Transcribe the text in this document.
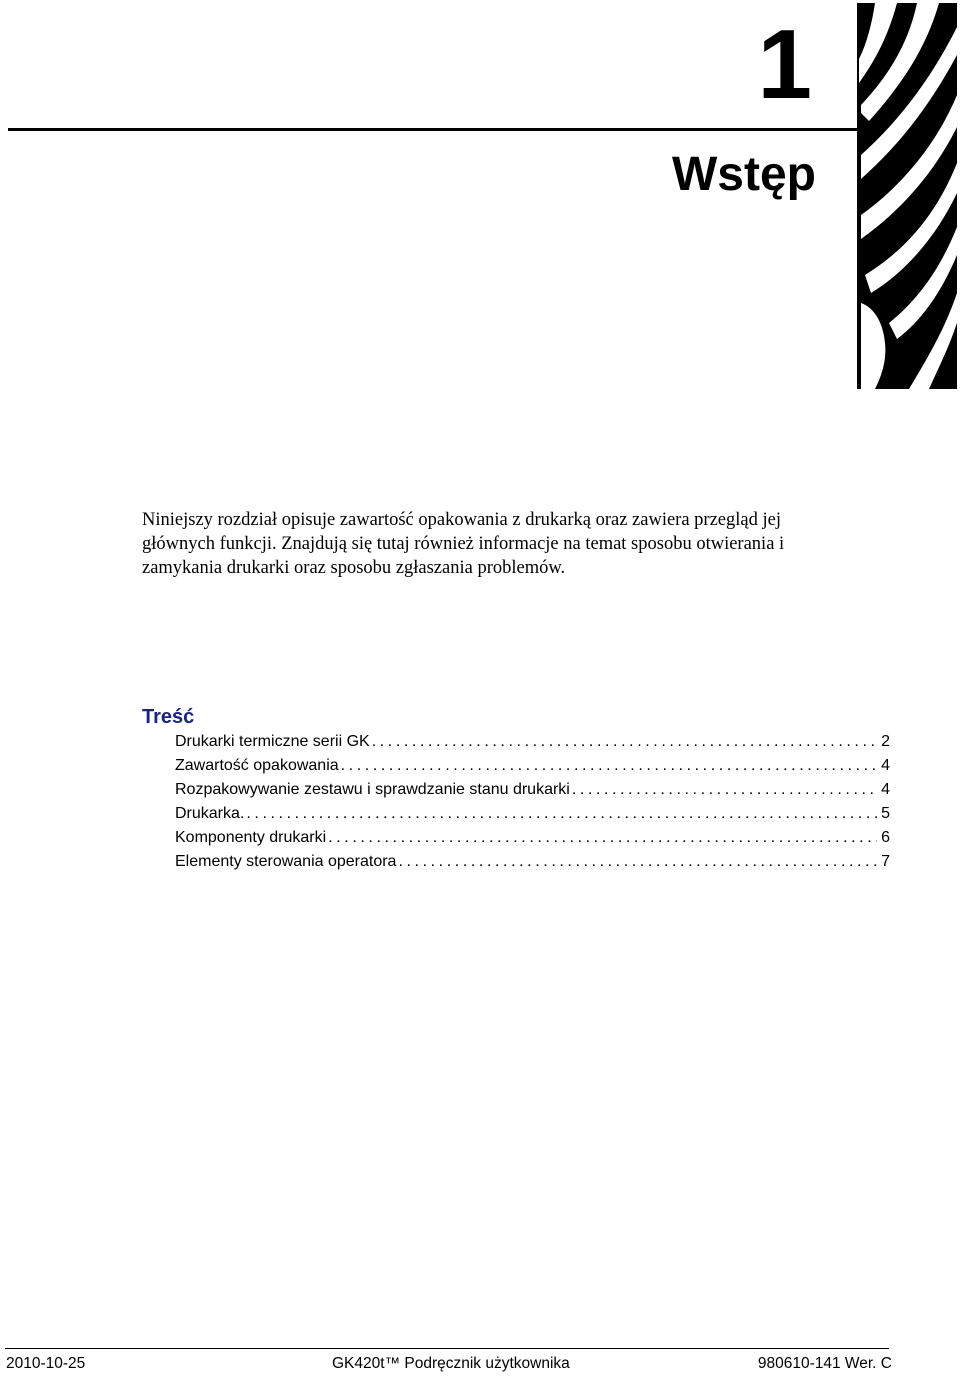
1
Wstęp

Niniejszy rozdział opisuje zawartość opakowania z drukarką oraz zawiera przegląd jej głównych funkcji. Znajdują się tutaj również informacje na temat sposobu otwierania i zamykania drukarki oraz sposobu zgłaszania problemów.

Treść
Drukarki termiczne serii GK .....	2
Zawartość opakowania .....	4
Rozpakowywanie zestawu i sprawdzanie stanu drukarki .....	4
Drukarka. .....	5
Komponenty drukarki .....	6
Elementy sterowania operatora .....	7
2010-10-25	GK420t™ Podręcznik użytkownika	980610-141 Wer. C
